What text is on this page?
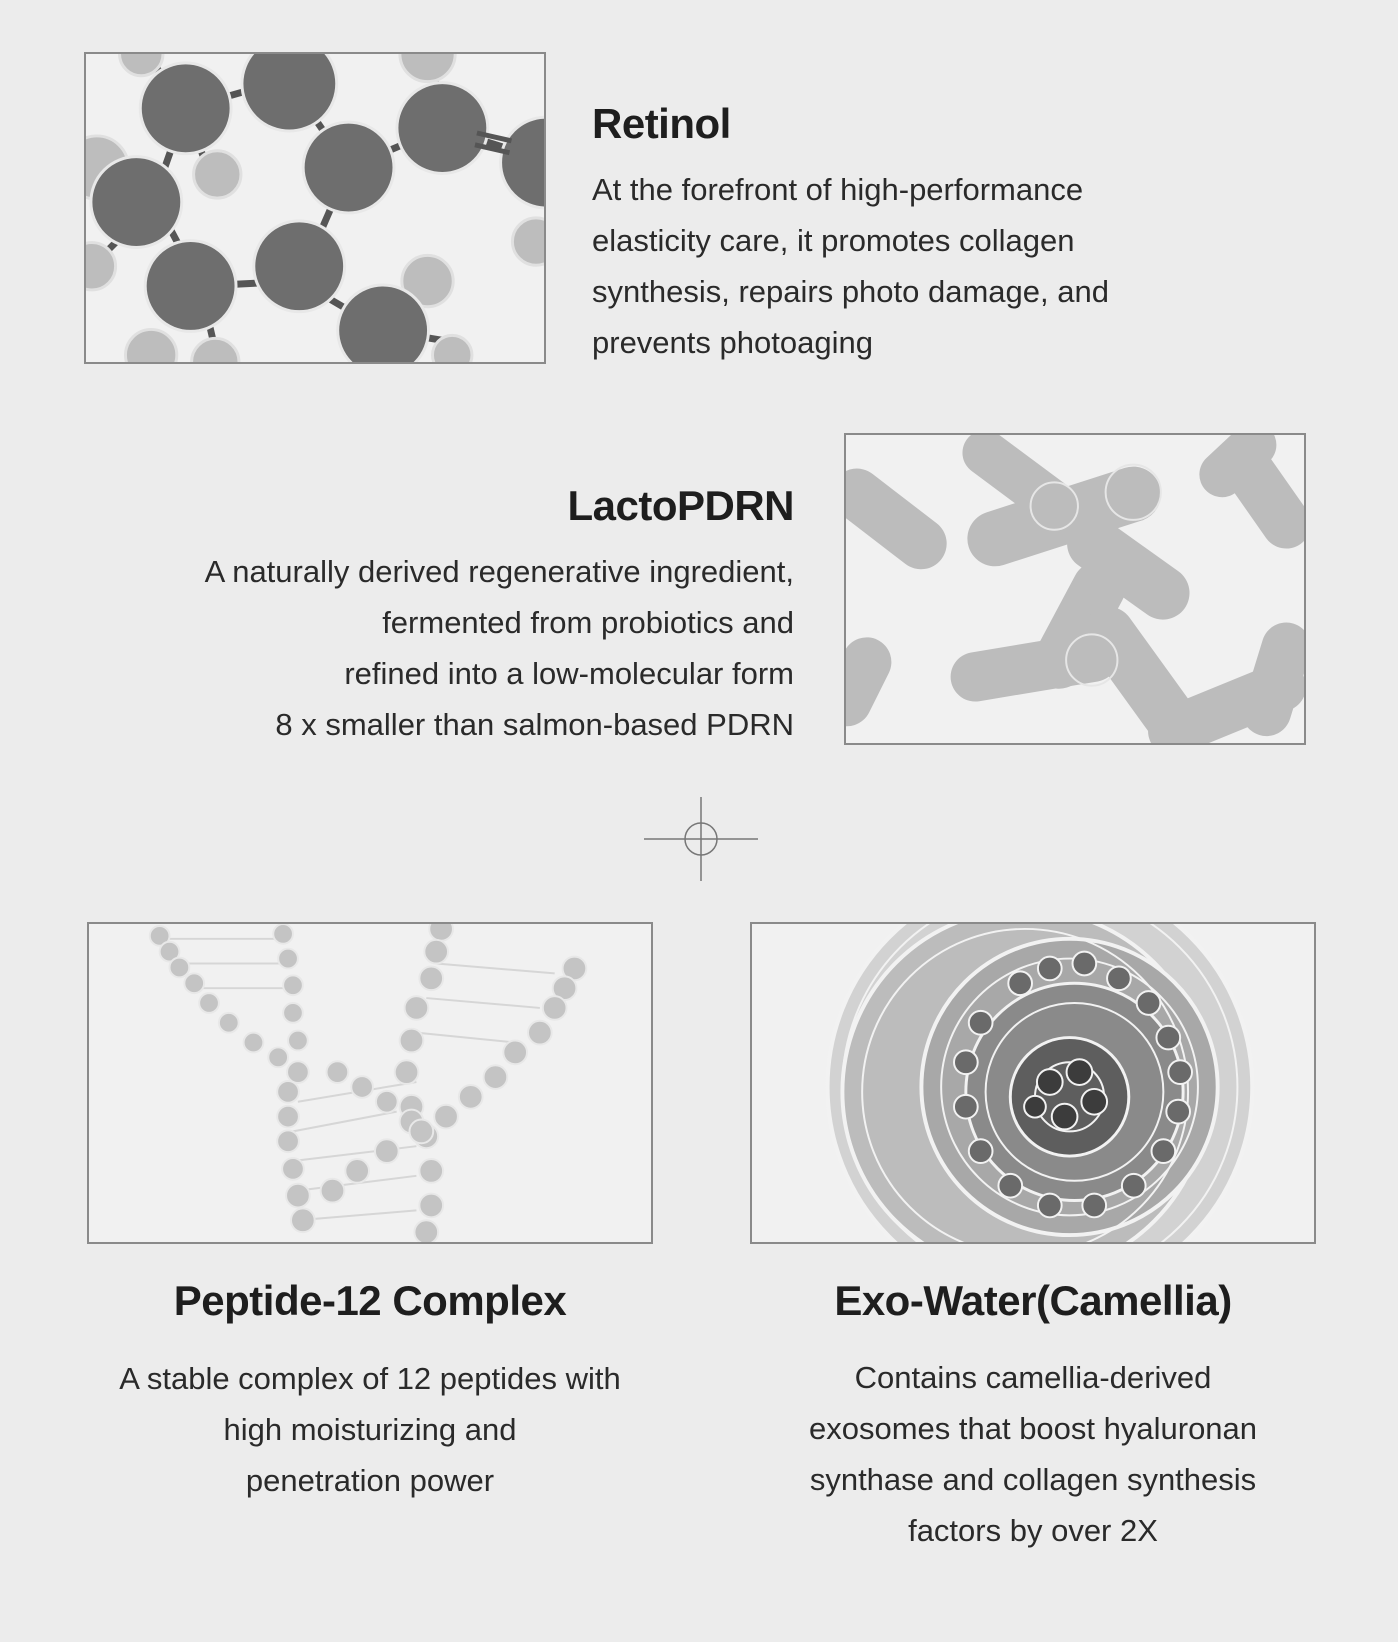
Retinol
At the forefront of high-performance
elasticity care, it promotes collagen
synthesis, repairs photo damage, and
prevents photoaging
LactoPDRN
A naturally derived regenerative ingredient,
fermented from probiotics and
refined into a low-molecular form
8 x smaller than salmon-based PDRN
Peptide-12 Complex
A stable complex of 12 peptides with
high moisturizing and
penetration power
Exo-Water(Camellia)
Contains camellia-derived
exosomes that boost hyaluronan
synthase and collagen synthesis
factors by over 2X
